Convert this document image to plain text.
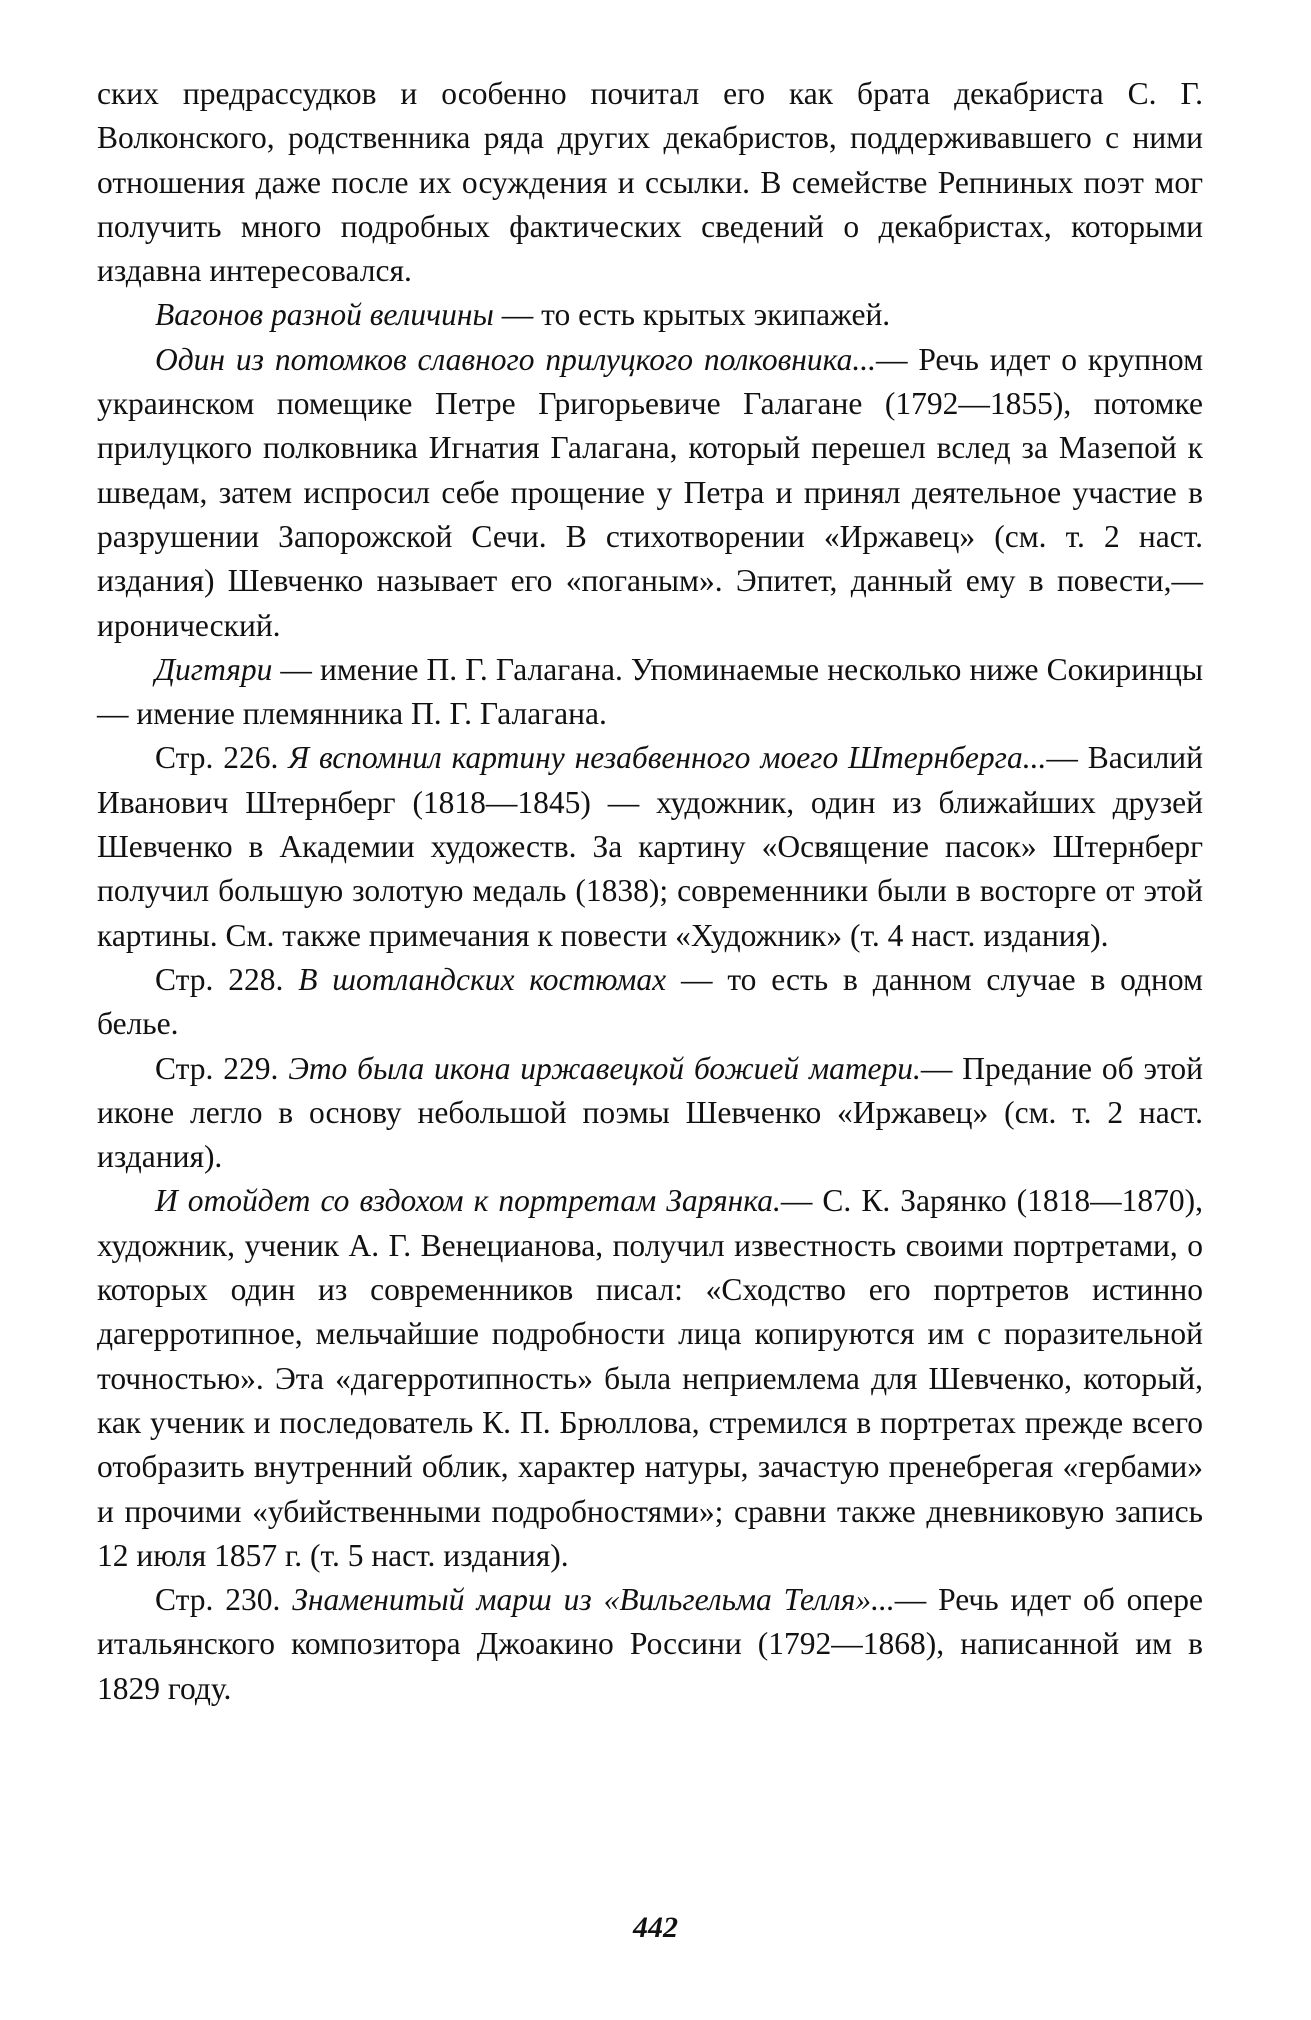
ских предрассудков и особенно почитал его как брата декабриста С. Г. Волконского, родственника ряда других декабристов, поддерживавшего с ними отношения даже после их осуждения и ссылки. В семействе Репниных поэт мог получить много подробных фактических сведений о декабристах, которыми издавна интересовался.

Вагонов разной величины — то есть крытых экипажей.

Один из потомков славного прилуцкого полковника...— Речь идет о крупном украинском помещике Петре Григорьевиче Галагане (1792—1855), потомке прилуцкого полковника Игнатия Галагана, который перешел вслед за Мазепой к шведам, затем испросил себе прощение у Петра и принял деятельное участие в разрушении Запорожской Сечи. В стихотворении «Иржавец» (см. т. 2 наст. издания) Шевченко называет его «поганым». Эпитет, данный ему в повести,— иронический.

Дигтяри — имение П. Г. Галагана. Упоминаемые несколько ниже Сокиринцы — имение племянника П. Г. Галагана.

Стр. 226. Я вспомнил картину незабвенного моего Штернберга...— Василий Иванович Штернберг (1818—1845) — художник, один из ближайших друзей Шевченко в Академии художеств. За картину «Освящение пасок» Штернберг получил большую золотую медаль (1838); современники были в восторге от этой картины. См. также примечания к повести «Художник» (т. 4 наст. издания).

Стр. 228. В шотландских костюмах — то есть в данном случае в одном белье.

Стр. 229. Это была икона иржавецкой божией матери.— Предание об этой иконе легло в основу небольшой поэмы Шевченко «Иржавец» (см. т. 2 наст. издания).

И отойдет со вздохом к портретам Зарянка.— С. К. Зарянко (1818—1870), художник, ученик А. Г. Венецианова, получил известность своими портретами, о которых один из современников писал: «Сходство его портретов истинно дагерротипное, мельчайшие подробности лица копируются им с поразительной точностью». Эта «дагерротипность» была неприемлема для Шевченко, который, как ученик и последователь К. П. Брюллова, стремился в портретах прежде всего отобразить внутренний облик, характер натуры, зачастую пренебрегая «гербами» и прочими «убийственными подробностями»; сравни также дневниковую запись 12 июля 1857 г. (т. 5 наст. издания).

Стр. 230. Знаменитый марш из «Вильгельма Телля»...— Речь идет об опере итальянского композитора Джоакино Россини (1792—1868), написанной им в 1829 году.

442
